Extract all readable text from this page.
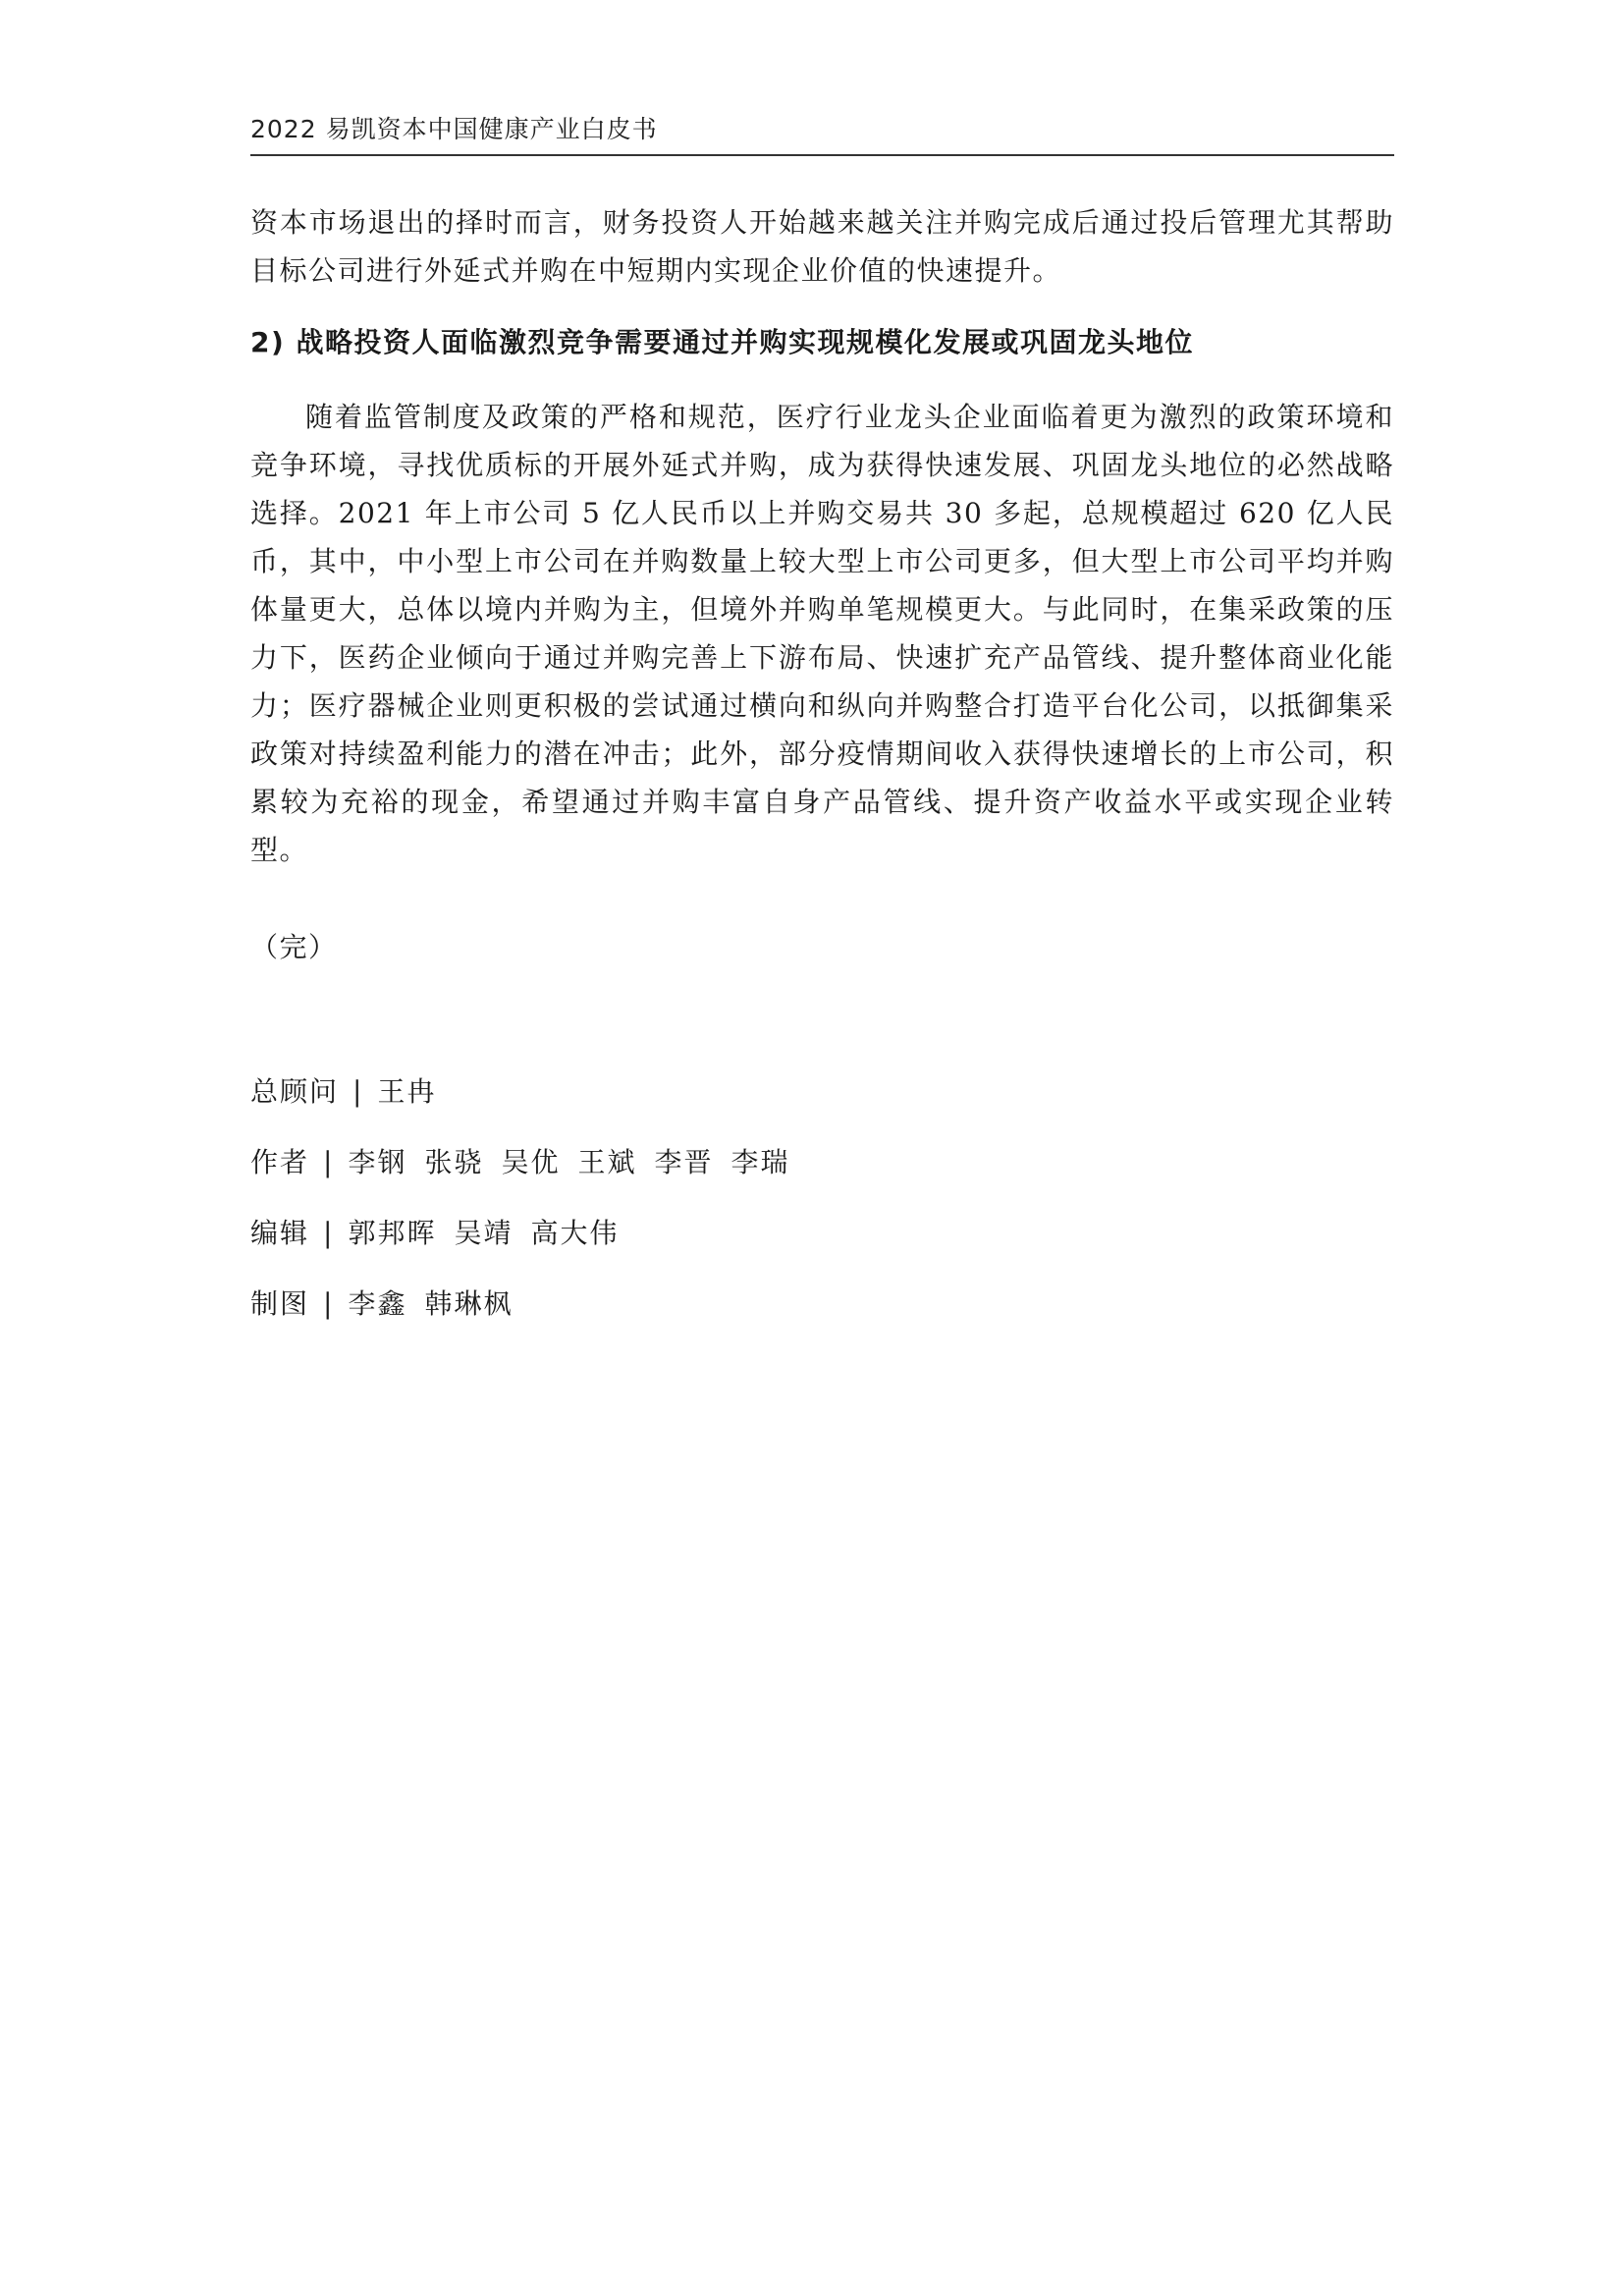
2022 易凯资本中国健康产业白皮书

资本市场退出的择时而言，财务投资人开始越来越关注并购完成后通过投后管理尤其帮助目标公司进行外延式并购在中短期内实现企业价值的快速提升。

2) 战略投资人面临激烈竞争需要通过并购实现规模化发展或巩固龙头地位

随着监管制度及政策的严格和规范，医疗行业龙头企业面临着更为激烈的政策环境和竞争环境，寻找优质标的开展外延式并购，成为获得快速发展、巩固龙头地位的必然战略选择。2021 年上市公司 5 亿人民币以上并购交易共 30 多起，总规模超过 620 亿人民币，其中，中小型上市公司在并购数量上较大型上市公司更多，但大型上市公司平均并购体量更大，总体以境内并购为主，但境外并购单笔规模更大。与此同时，在集采政策的压力下，医药企业倾向于通过并购完善上下游布局、快速扩充产品管线、提升整体商业化能力；医疗器械企业则更积极的尝试通过横向和纵向并购整合打造平台化公司，以抵御集采政策对持续盈利能力的潜在冲击；此外，部分疫情期间收入获得快速增长的上市公司，积累较为充裕的现金，希望通过并购丰富自身产品管线、提升资产收益水平或实现企业转型。

（完）
总顾问 | 王冉
作者 | 李钢 张骁 吴优 王斌 李晋 李瑞
编辑 | 郭邦晖 吴靖 高大伟
制图 | 李鑫 韩琳枫
